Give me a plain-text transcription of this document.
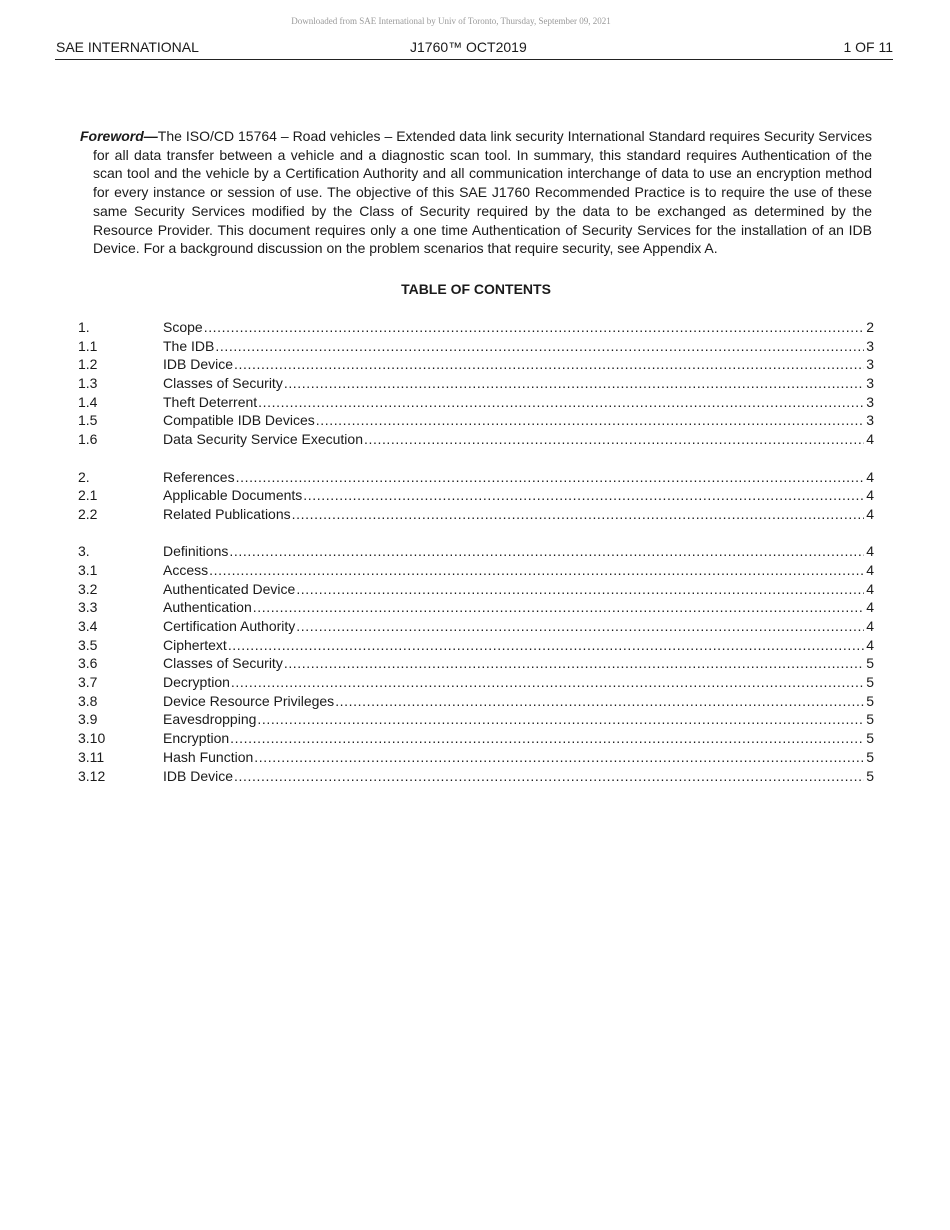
Downloaded from SAE International by Univ of Toronto, Thursday, September 09, 2021
SAE INTERNATIONAL	J1760™ OCT2019	1 OF 11

Foreword—The ISO/CD 15764 – Road vehicles – Extended data link security International Standard requires Security Services for all data transfer between a vehicle and a diagnostic scan tool. In summary, this standard requires Authentication of the scan tool and the vehicle by a Certification Authority and all communication interchange of data to use an encryption method for every instance or session of use. The objective of this SAE J1760 Recommended Practice is to require the use of these same Security Services modified by the Class of Security required by the data to be exchanged as determined by the Resource Provider. This document requires only a one time Authentication of Security Services for the installation of an IDB Device. For a background discussion on the problem scenarios that require security, see Appendix A.

TABLE OF CONTENTS
1.	Scope .....	2
1.1	The IDB .....	3
1.2	IDB Device .....	3
1.3	Classes of Security .....	3
1.4	Theft Deterrent .....	3
1.5	Compatible IDB Devices .....	3
1.6	Data Security Service Execution .....	4
2.	References .....	4
2.1	Applicable Documents .....	4
2.2	Related Publications .....	4
3.	Definitions .....	4
3.1	Access .....	4
3.2	Authenticated Device .....	4
3.3	Authentication .....	4
3.4	Certification Authority .....	4
3.5	Ciphertext .....	4
3.6	Classes of Security .....	5
3.7	Decryption .....	5
3.8	Device Resource Privileges .....	5
3.9	Eavesdropping .....	5
3.10	Encryption .....	5
3.11	Hash Function .....	5
3.12	IDB Device .....	5
